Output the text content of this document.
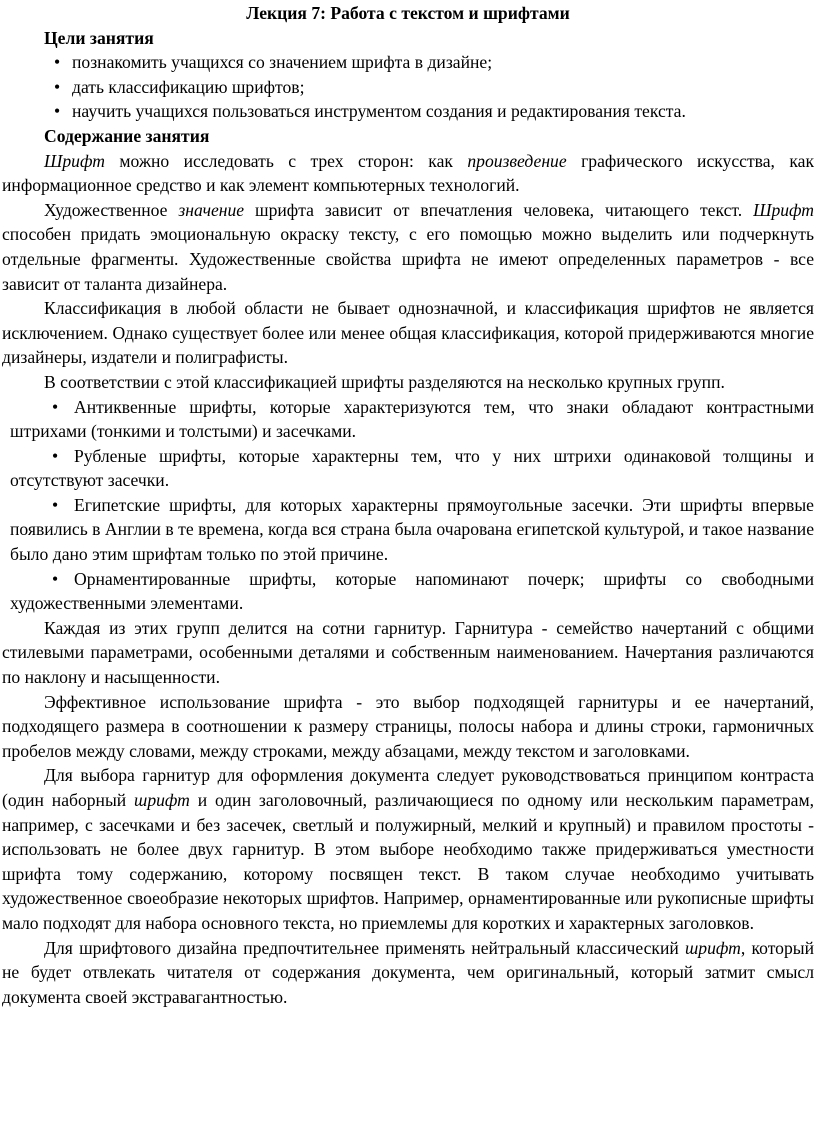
Лекция 7: Работа с текстом и шрифтами

Цели занятия

• познакомить учащихся со значением шрифта в дизайне;
• дать классификацию шрифтов;
• научить учащихся пользоваться инструментом создания и редактирования текста.

Содержание занятия

Шрифт можно исследовать с трех сторон: как произведение графического искусства, как информационное средство и как элемент компьютерных технологий.

Художественное значение шрифта зависит от впечатления человека, читающего текст. Шрифт способен придать эмоциональную окраску тексту, с его помощью можно выделить или подчеркнуть отдельные фрагменты. Художественные свойства шрифта не имеют определенных параметров - все зависит от таланта дизайнера.

Классификация в любой области не бывает однозначной, и классификация шрифтов не является исключением. Однако существует более или менее общая классификация, которой придерживаются многие дизайнеры, издатели и полиграфисты.

В соответствии с этой классификацией шрифты разделяются на несколько крупных групп.

• Антиквенные шрифты, которые характеризуются тем, что знаки обладают контрастными штрихами (тонкими и толстыми) и засечками.

• Рубленые шрифты, которые характерны тем, что у них штрихи одинаковой толщины и отсутствуют засечки.

• Египетские шрифты, для которых характерны прямоугольные засечки. Эти шрифты впервые появились в Англии в те времена, когда вся страна была очарована египетской культурой, и такое название было дано этим шрифтам только по этой причине.

• Орнаментированные шрифты, которые напоминают почерк; шрифты со свободными художественными элементами.

Каждая из этих групп делится на сотни гарнитур. Гарнитура - семейство начертаний с общими стилевыми параметрами, особенными деталями и собственным наименованием. Начертания различаются по наклону и насыщенности.

Эффективное использование шрифта - это выбор подходящей гарнитуры и ее начертаний, подходящего размера в соотношении к размеру страницы, полосы набора и длины строки, гармоничных пробелов между словами, между строками, между абзацами, между текстом и заголовками.

Для выбора гарнитур для оформления документа следует руководствоваться принципом контраста (один наборный шрифт и один заголовочный, различающиеся по одному или нескольким параметрам, например, с засечками и без засечек, светлый и полужирный, мелкий и крупный) и правилом простоты - использовать не более двух гарнитур. В этом выборе необходимо также придерживаться уместности шрифта тому содержанию, которому посвящен текст. В таком случае необходимо учитывать художественное своеобразие некоторых шрифтов. Например, орнаментированные или рукописные шрифты мало подходят для набора основного текста, но приемлемы для коротких и характерных заголовков.

Для шрифтового дизайна предпочтительнее применять нейтральный классический шрифт, который не будет отвлекать читателя от содержания документа, чем оригинальный, который затмит смысл документа своей экстравагантностью.
